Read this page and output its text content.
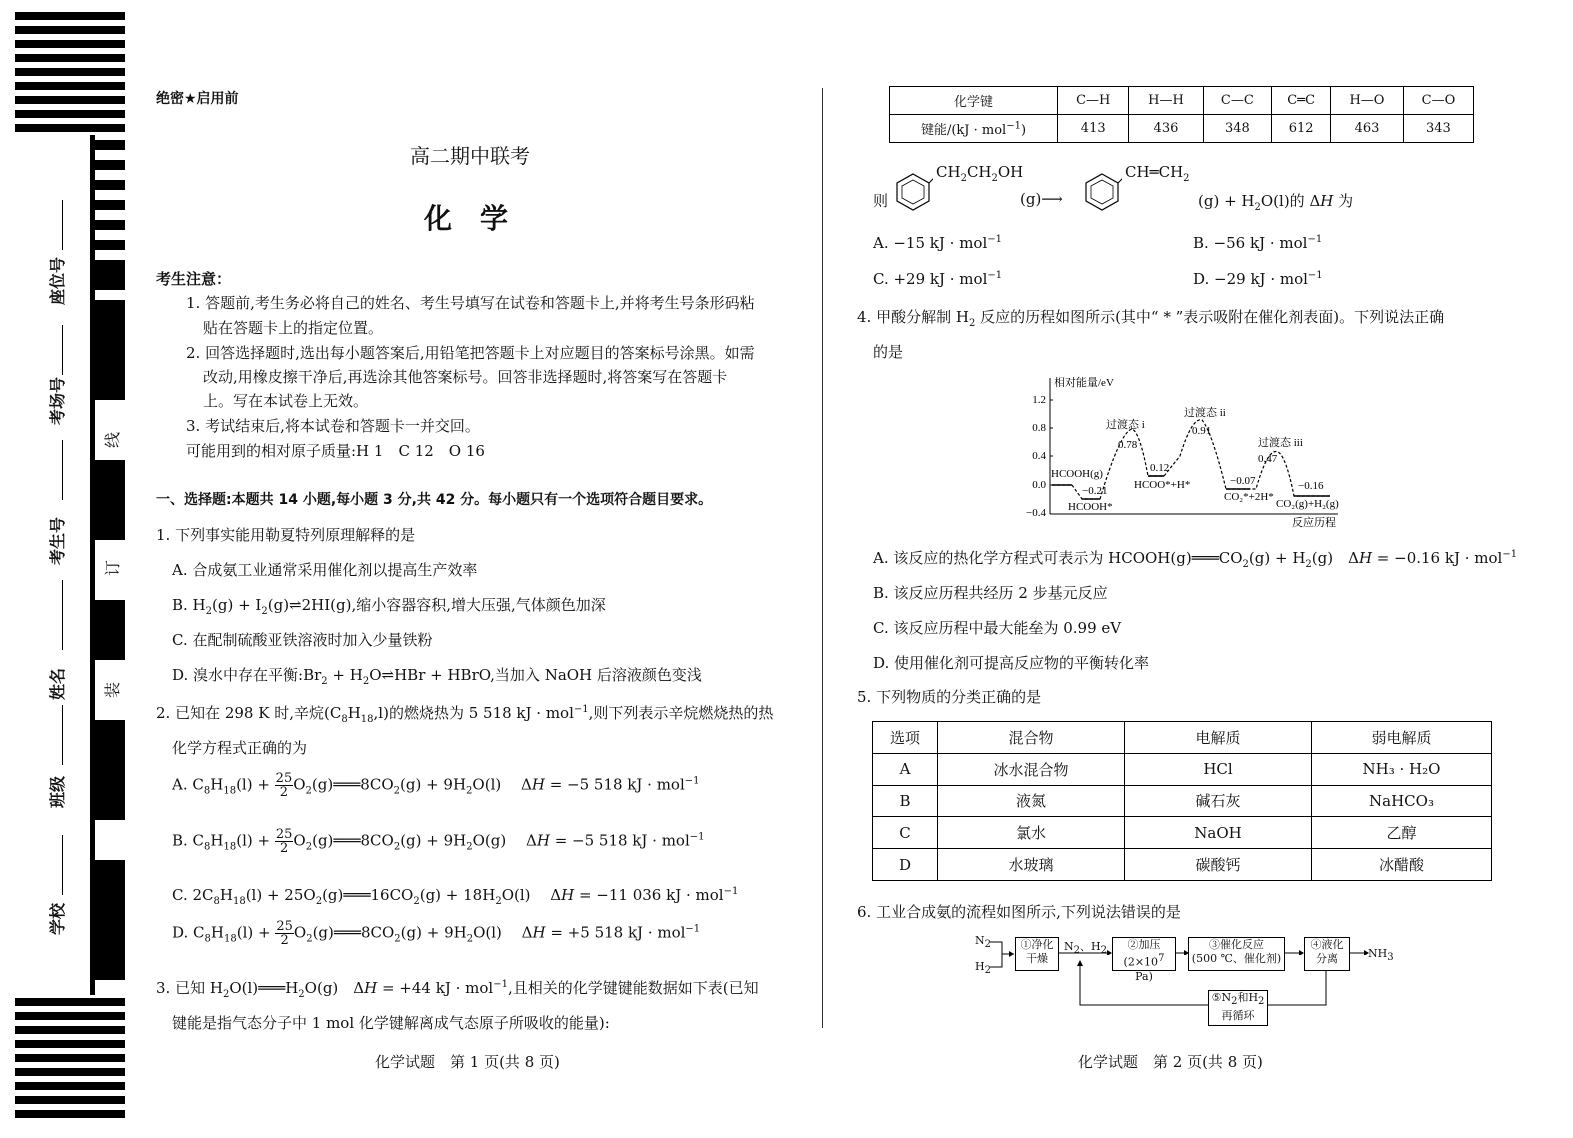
座位号
考场号
考生号
姓名
班级
学校
线
订
装
绝密★启用前
高二期中联考
化　学
考生注意：
1. 答题前,考生务必将自己的姓名、考生号填写在试卷和答题卡上,并将考生号条形码粘
贴在答题卡上的指定位置。
2. 回答选择题时,选出每小题答案后,用铅笔把答题卡上对应题目的答案标号涂黑。如需
改动,用橡皮擦干净后,再选涂其他答案标号。回答非选择题时,将答案写在答题卡
上。写在本试卷上无效。
3. 考试结束后,将本试卷和答题卡一并交回。
可能用到的相对原子质量:H 1　C 12　O 16
一、选择题:本题共 14 小题,每小题 3 分,共 42 分。每小题只有一个选项符合题目要求。
1. 下列事实能用勒夏特列原理解释的是
A. 合成氨工业通常采用催化剂以提高生产效率
B. $H_2(g)$ + $I_2(g)\rightleftharpoons 2HI(g)$,缩小容器容积,增大压强,气体颜色加深
C. 在配制硫酸亚铁溶液时加入少量铁粉
D. 溴水中存在平衡$:Br_2$ + $H_2O\rightleftharpoons HBr$ + HBrO,当加入 NaOH 后溶液颜色变浅
2. 已知在 298 K 时,辛烷$(C_8H_{18},l)$的燃烧热为 5 518 kJ · mol$^{-1}$,则下列表示辛烷燃烧热的热
化学方程式正确的为
A. $C_8H_{18}(l) + \frac{25}{2}$ $O_2(g)═══8CO_2(g) + 9H_2O(l)$　 ΔH = −5 518 kJ · mol$^{-1}$
B. $C_8H_{18}(l) + \frac{25}{2}$ $O_2(g)═══8CO_2(g) + 9H_2O(g)$　 ΔH = −5 518 kJ · mol$^{-1}$
C. $2C_8H_{18}(l)$ + $25O_2(g)═══16CO_2(g) + 18H_2O(l)$　 ΔH = −11 036 kJ · mol$^{-1}$
D. $C_8H_{18}(l) + \frac{25}{2}$ $O_2(g)═══8CO_2(g) + 9H_2O(l)$　 ΔH = +5 518 kJ · mol$^{-1}$
3. 已知 $H_2O(l)═══H_2O(g)$　ΔH = +44 kJ · mol$^{-1}$,且相关的化学键键能数据如下表(已知
键能是指气态分子中 1 mol 化学键解离成气态原子所吸收的能量):
化学试题　第 1 页(共 8 页)
化学键	C—H	H—H	C—C	C═C	H—O	C—O
键能/(kJ · mol$^{-1}$)	413	436	348	612	463	343
则
$CH_2CH_2OH$
(g)⟶
$CH═CH_2$
$(g) + H_2O(l)$的 ΔH 为
A. −15 kJ · mol$^{-1}$	B. −56 kJ · mol$^{-1}$
C. +29 kJ · mol$^{-1}$	D. −29 kJ · mol$^{-1}$
4. 甲酸分解制 $H_2$ 反应的历程如图所示(其中“ * ”表示吸附在催化剂表面)。下列说法正确
的是
相对能量/eV
反应历程
1.2
0.8
0.4
0.0
−0.4
过渡态 i
0.78
过渡态 ii
0.91
过渡态 iii
0.47
0.12
−0.21
−0.07	−0.16
HCOOH(g)
HCOOH*
HCOO*+H*
CO₂*+2H*
CO₂(g)+H₂(g)
A. 该反应的热化学方程式可表示为 $HCOOH(g)═══CO_2(g) + H_2(g)$　ΔH = −0.16 kJ · mol$^{-1}$
B. 该反应历程共经历 2 步基元反应
C. 该反应历程中最大能垒为 0.99 eV
D. 使用催化剂可提高反应物的平衡转化率
5. 下列物质的分类正确的是
选项	混合物	电解质	弱电解质
A	冰水混合物	HCl	NH₃ · H₂O
B	液氮	碱石灰	NaHCO₃
C	氯水	NaOH	乙醇
D	水玻璃	碳酸钙	冰醋酸
6. 工业合成氨的流程如图所示,下列说法错误的是
$N_2$
$H_2$
①净化
干燥
$N_2$、$H_2$	②加压
($2\times 10^7$ Pa)
③催化反应
(500 ℃、催化剂)
④液化
分离	$NH_3$
$⑤N_2$和$H_2$
再循环
化学试题　第 2 页(共 8 页)
